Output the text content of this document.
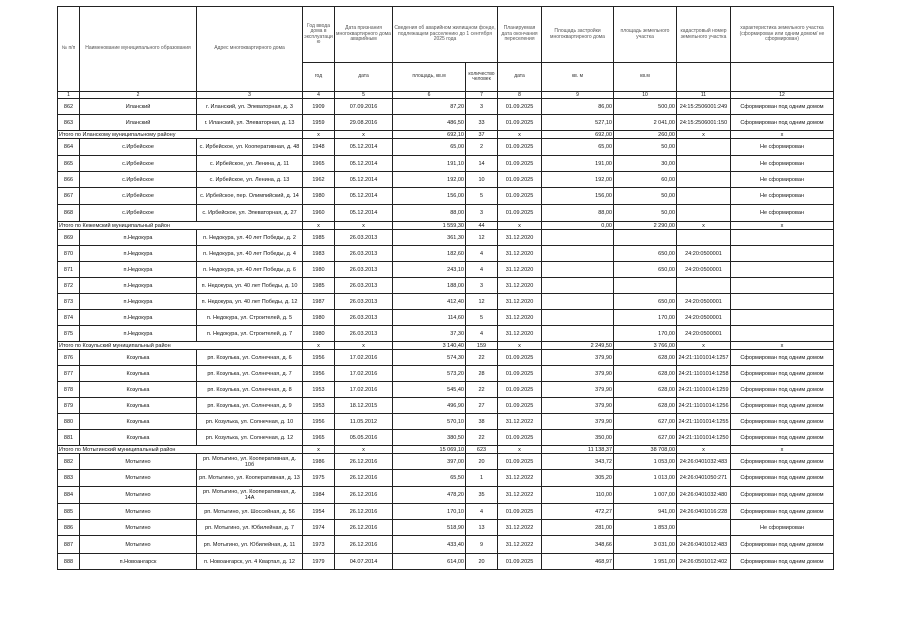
№ п/п	Наименование муниципального образования	Адрес многоквартирного дома	Год ввода дома в эксплуатацию	Дата признания многоквартирного дома аварийным	Сведения об аварийном жилищном фонде, подлежащем расселению до 1 сентября 2025 года		Планируемая дата окончания переселения	Площадь застройки многоквартирного дома	площадь земельного участка	кадастровый номер земельного участка	характеристика земельного участка (сформирован или одним домом/ не сформирован)
			год	дата	площадь, кв.м	количество человек	дата	кв. м	кв.м		
1	2	3	4	5	6	7	8	9	10	11	12
862	Иланский	г. Иланский, ул. Элеваторная, д. 3	1909	07.09.2016	87,20	3	01.09.2025	86,00	500,00	24:15:2506001:249	Сформирован под одним домом
863	Иланский	г. Иланский, ул. Элеваторная, д. 13	1959	29.08.2016	486,50	33	01.09.2025	527,10	2 041,00	24:15:2506001:150	Сформирован под одним домом
Итого по Иланскому муниципальному району			х	х	692,10	37	х	692,00	260,00	х	х
864	с.Ирбейское	с. Ирбейское, ул. Кооперативная, д. 48	1948	05.12.2014	65,00	2	01.09.2025	65,00	50,00		Не сформирован
865	с.Ирбейское	с. Ирбейское, ул. Ленина, д. 11	1965	05.12.2014	191,10	14	01.09.2025	191,00	30,00		Не сформирован
866	с.Ирбейское	с. Ирбейское, ул. Ленина, д. 13	1962	05.12.2014	192,00	10	01.09.2025	192,00	60,00		Не сформирован
867	с.Ирбейское	с. Ирбейское, пер. Олимпийский, д. 14	1980	05.12.2014	156,00	5	01.09.2025	156,00	50,00		Не сформирован
868	с.Ирбейское	с. Ирбейское, ул. Элеваторная, д. 27	1960	05.12.2014	88,00	3	01.09.2025	88,00	50,00		Не сформирован
Итого по Кежемский муниципальный район			х	х	1 559,30	44	х	0,00	2 290,00	х	х
869	п.Недокура	п. Недокура, ул. 40 лет Победы, д. 2	1985	26.03.2013	361,30	12	31.12.2020				
870	п.Недокура	п. Недокура, ул. 40 лет Победы, д. 4	1983	26.03.2013	182,60	4	31.12.2020		650,00	24:20:0500001	
871	п.Недокура	п. Недокура, ул. 40 лет Победы, д. 6	1980	26.03.2013	243,10	4	31.12.2020		650,00	24:20:0500001	
872	п.Недокура	п. Недокура, ул. 40 лет Победы, д. 10	1985	26.03.2013	188,00	3	31.12.2020				
873	п.Недокура	п. Недокура, ул. 40 лет Победы, д. 12	1987	26.03.2013	412,40	12	31.12.2020		650,00	24:20:0500001	
874	п.Недокура	п. Недокура, ул. Строителей, д. 5	1980	26.03.2013	114,60	5	31.12.2020		170,00	24:20:0500001	
875	п.Недокура	п. Недокура, ул. Строителей, д. 7	1980	26.03.2013	37,30	4	31.12.2020		170,00	24:20:0500001	
Итого по Козульский муниципальный район			х	х	3 140,40	159	х	2 249,50	3 766,00	х	х
876	Козулька	рп. Козулька, ул. Солнечная, д. 6	1956	17.02.2016	574,30	22	01.09.2025	379,90	628,00	24:21:1101014:1257	Сформирован под одним домом
877	Козулька	рп. Козулька, ул. Солнечная, д. 7	1956	17.02.2016	573,20	28	01.09.2025	379,90	628,00	24:21:1101014:1258	Сформирован под одним домом
878	Козулька	рп. Козулька, ул. Солнечная, д. 8	1953	17.02.2016	545,40	22	01.09.2025	379,90	628,00	24:21:1101014:1259	Сформирован под одним домом
879	Козулька	рп. Козулька, ул. Солнечная, д. 9	1953	18.12.2015	496,90	27	01.09.2025	379,90	628,00	24:21:1101014:1256	Сформирован под одним домом
880	Козулька	рп. Козулька, ул. Солнечная, д. 10	1956	11.05.2012	570,10	38	31.12.2022	379,90	627,00	24:21:1101014:1255	Сформирован под одним домом
881	Козулька	рп. Козулька, ул. Солнечная, д. 12	1965	05.05.2016	380,50	22	01.09.2025	350,00	627,00	24:21:1101014:1250	Сформирован под одним домом
Итого по Мотыгинский муниципальный район			х	х	15 069,10	623	х	11 138,37	38 708,00	х	х
882	Мотыгино	рп. Мотыгино, ул. Кооперативная, д. 10б	1986	26.12.2016	397,00	20	01.09.2025	343,72	1 053,00	24:26:0401032:483	Сформирован под одним домом
883	Мотыгино	рп. Мотыгино, ул. Кооперативная, д. 13	1975	26.12.2016	65,50	1	31.12.2022	305,20	1 013,00	24:26:0401050:271	Сформирован под одним домом
884	Мотыгино	рп. Мотыгино, ул. Кооперативная, д. 14А	1984	26.12.2016	478,20	35	31.12.2022	110,00	1 007,00	24:26:0401032:480	Сформирован под одним домом
885	Мотыгино	рп. Мотыгино, ул. Шоссейная, д. 56	1954	26.12.2016	170,10	4	01.09.2025	472,27	941,00	24:26:0401016:228	Сформирован под одним домом
886	Мотыгино	рп. Мотыгино, ул. Юбилейная, д. 7	1974	26.12.2016	518,90	13	31.12.2022	281,00	1 853,00		Не сформирован
887	Мотыгино	рп. Мотыгино, ул. Юбилейная, д. 11	1973	26.12.2016	433,40	9	31.12.2022	348,66	3 031,00	24:26:0401012:483	Сформирован под одним домом
888	п.Новоангарск	п. Новоангарск, ул. 4 Квартал, д. 12	1979	04.07.2014	614,00	20	01.09.2025	468,97	1 951,00	24:26:0501012:402	Сформирован под одним домом
